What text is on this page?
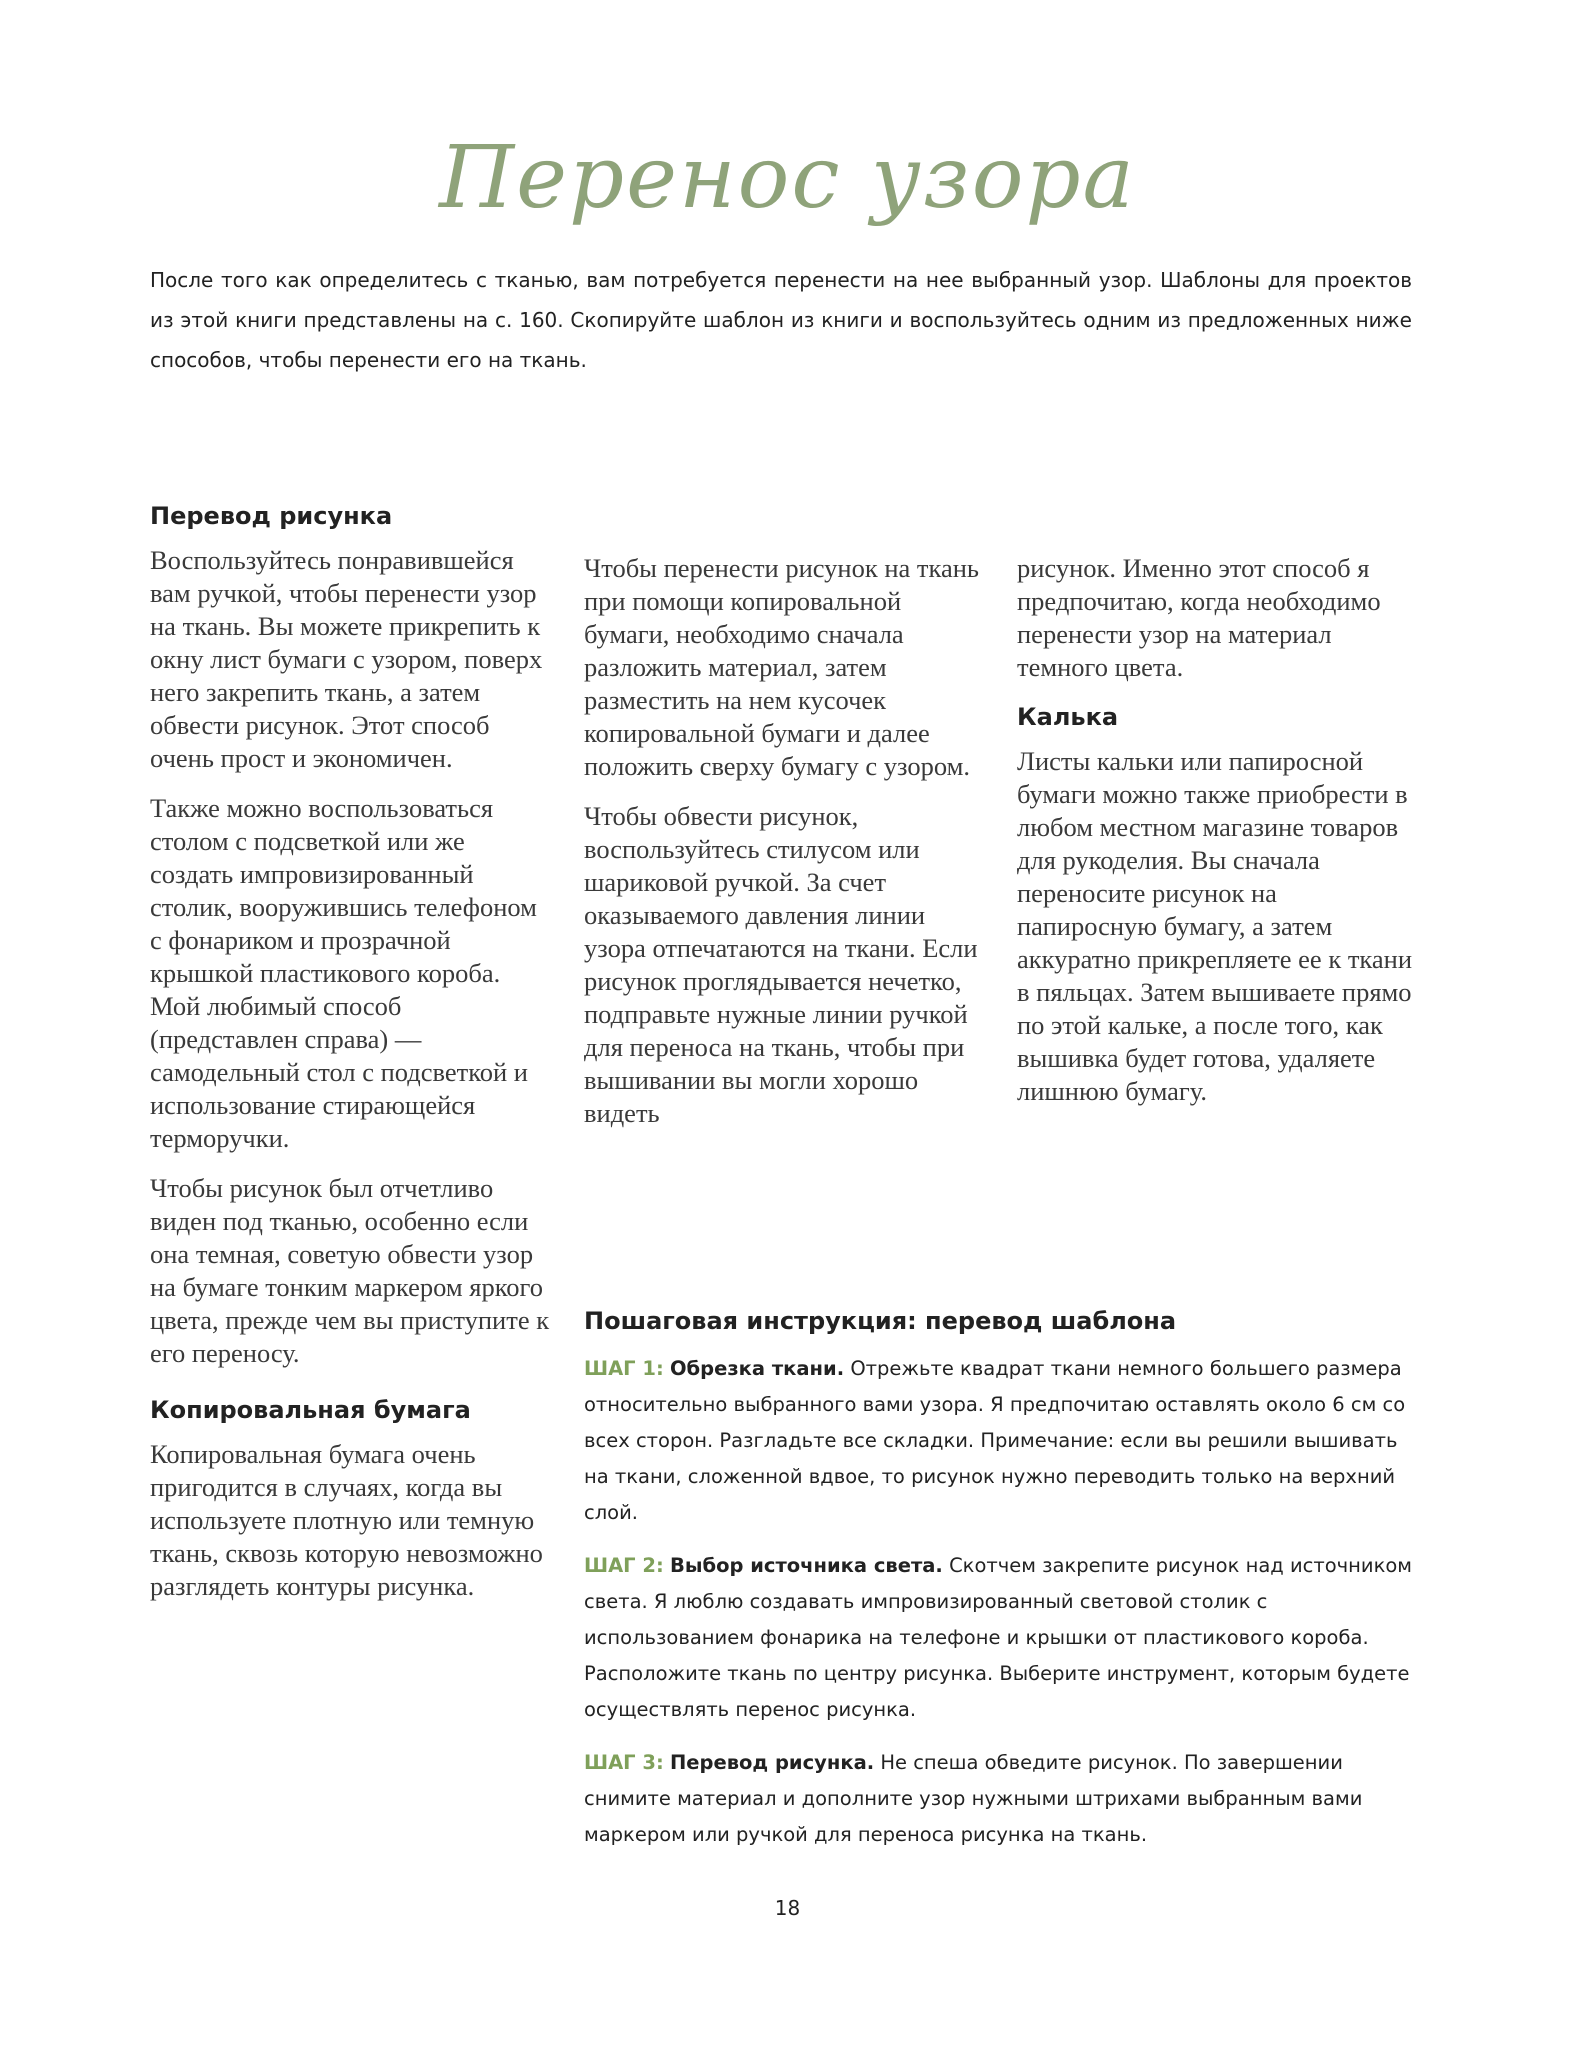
Перенос узора

После того как определитесь с тканью, вам потребуется перенести на нее выбранный узор. Шаблоны для проектов из этой книги представлены на с. 160. Скопируйте шаблон из книги и воспользуйтесь одним из предложенных ниже способов, чтобы перенести его на ткань.

Перевод рисунка

Воспользуйтесь понравившейся вам ручкой, чтобы перенести узор на ткань. Вы можете прикрепить к окну лист бумаги с узором, поверх него закрепить ткань, а затем обвести рисунок. Этот способ очень прост и экономичен.

Также можно воспользоваться столом с подсветкой или же создать импровизированный столик, вооружившись телефоном с фонариком и прозрачной крышкой пластикового короба. Мой любимый способ (представлен справа) — самодельный стол с подсветкой и использование стирающейся терморучки.

Чтобы рисунок был отчетливо виден под тканью, особенно если она темная, советую обвести узор на бумаге тонким маркером яркого цвета, прежде чем вы приступите к его переносу.

Копировальная бумага

Копировальная бумага очень пригодится в случаях, когда вы используете плотную или темную ткань, сквозь которую невозможно разглядеть контуры рисунка.

Чтобы перенести рисунок на ткань при помощи копировальной бумаги, необходимо сначала разложить материал, затем разместить на нем кусочек копировальной бумаги и далее положить сверху бумагу с узором.

Чтобы обвести рисунок, воспользуйтесь стилусом или шариковой ручкой. За счет оказываемого давления линии узора отпечатаются на ткани. Если рисунок проглядывается нечетко, подправьте нужные линии ручкой для переноса на ткань, чтобы при вышивании вы могли хорошо видеть

рисунок. Именно этот способ я предпочитаю, когда необходимо перенести узор на материал темного цвета.

Калька

Листы кальки или папиросной бумаги можно также приобрести в любом местном магазине товаров для рукоделия. Вы сначала переносите рисунок на папиросную бумагу, а затем аккуратно прикрепляете ее к ткани в пяльцах. Затем вышиваете прямо по этой кальке, а после того, как вышивка будет готова, удаляете лишнюю бумагу.

Пошаговая инструкция: перевод шаблона

ШАГ 1: Обрезка ткани. Отрежьте квадрат ткани немного большего размера относительно выбранного вами узора. Я предпочитаю оставлять около 6 см со всех сторон. Разгладьте все складки. Примечание: если вы решили вышивать на ткани, сложенной вдвое, то рисунок нужно переводить только на верхний слой.

ШАГ 2: Выбор источника света. Скотчем закрепите рисунок над источником света. Я люблю создавать импровизированный световой столик с использованием фонарика на телефоне и крышки от пластикового короба. Расположите ткань по центру рисунка. Выберите инструмент, которым будете осуществлять перенос рисунка.

ШАГ 3: Перевод рисунка. Не спеша обведите рисунок. По завершении снимите материал и дополните узор нужными штрихами выбранным вами маркером или ручкой для переноса рисунка на ткань.

18
